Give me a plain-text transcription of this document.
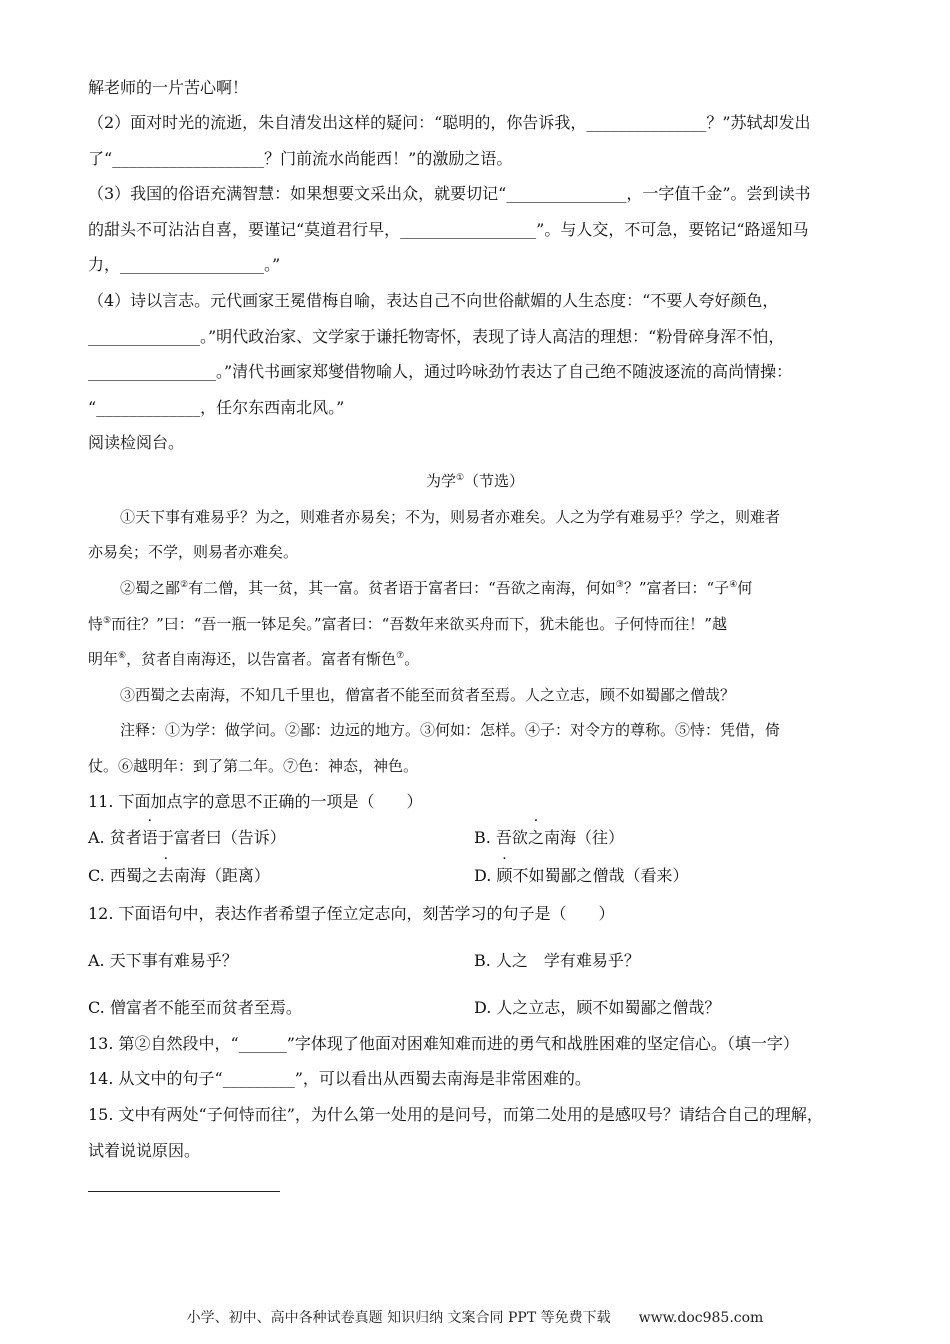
解老师的一片苦心啊！
（2）面对时光的流逝，朱自清发出这样的疑问：“聪明的，你告诉我，_______________？”苏轼却发出
了“___________________？门前流水尚能西！”的激励之语。
（3）我国的俗语充满智慧：如果想要文采出众，就要切记“_______________，一字值千金”。尝到读书
的甜头不可沾沾自喜，要谨记“莫道君行早，_________________”。与人交，不可急，要铭记“路遥知马
力，__________________。”
（4）诗以言志。元代画家王冕借梅自喻，表达自己不向世俗献媚的人生态度：“不要人夸好颜色，
______________。”明代政治家、文学家于谦托物寄怀，表现了诗人高洁的理想：“粉骨碎身浑不怕，
________________。”清代书画家郑燮借物喻人，通过吟咏劲竹表达了自己绝不随波逐流的高尚情操：
“_____________，任尔东西南北风。”
阅读检阅台。
为学①（节选）
①天下事有难易乎？为之，则难者亦易矣；不为，则易者亦难矣。人之为学有难易乎？学之，则难者
亦易矣；不学，则易者亦难矣。
②蜀之鄙②有二僧，其一贫，其一富。贫者语于富者曰：“吾欲之南海，何如③？”富者曰：“子④何
恃⑤而往？”曰：“吾一瓶一钵足矣。”富者曰：“吾数年来欲买舟而下，犹未能也。子何恃而往！”越
明年⑥，贫者自南海还，以告富者。富者有惭色⑦。
③西蜀之去南海，不知几千里也，僧富者不能至而贫者至焉。人之立志，顾不如蜀鄙之僧哉？
注释：①为学：做学问。②鄙：边远的地方。③何如：怎样。④子：对令方的尊称。⑤恃：凭借，倚
仗。⑥越明年：到了第二年。⑦色：神态，神色。
11. 下面加点字的意思不正确的一项是（　　）
A. 贫者语于富者曰（告诉）	B. 吾欲之南海（往）
C. 西蜀之去南海（距离）	D. 顾不如蜀鄙之僧哉（看来）
12. 下面语句中，表达作者希望子侄立定志向，刻苦学习的句子是（　　）
A. 天下事有难易乎？	B. 人之　学有难易乎？
C. 僧富者不能至而贫者至焉。	D. 人之立志，顾不如蜀鄙之僧哉？
13. 第②自然段中，“______”字体现了他面对困难知难而进的勇气和战胜困难的坚定信心。（填一字）
14. 从文中的句子“_________”，可以看出从西蜀去南海是非常困难的。
15. 文中有两处“子何恃而往”，为什么第一处用的是问号，而第二处用的是感叹号？请结合自己的理解，
试着说说原因。
小学、初中、高中各种试卷真题 知识归纳 文案合同 PPT 等免费下载　　www.doc985.com
